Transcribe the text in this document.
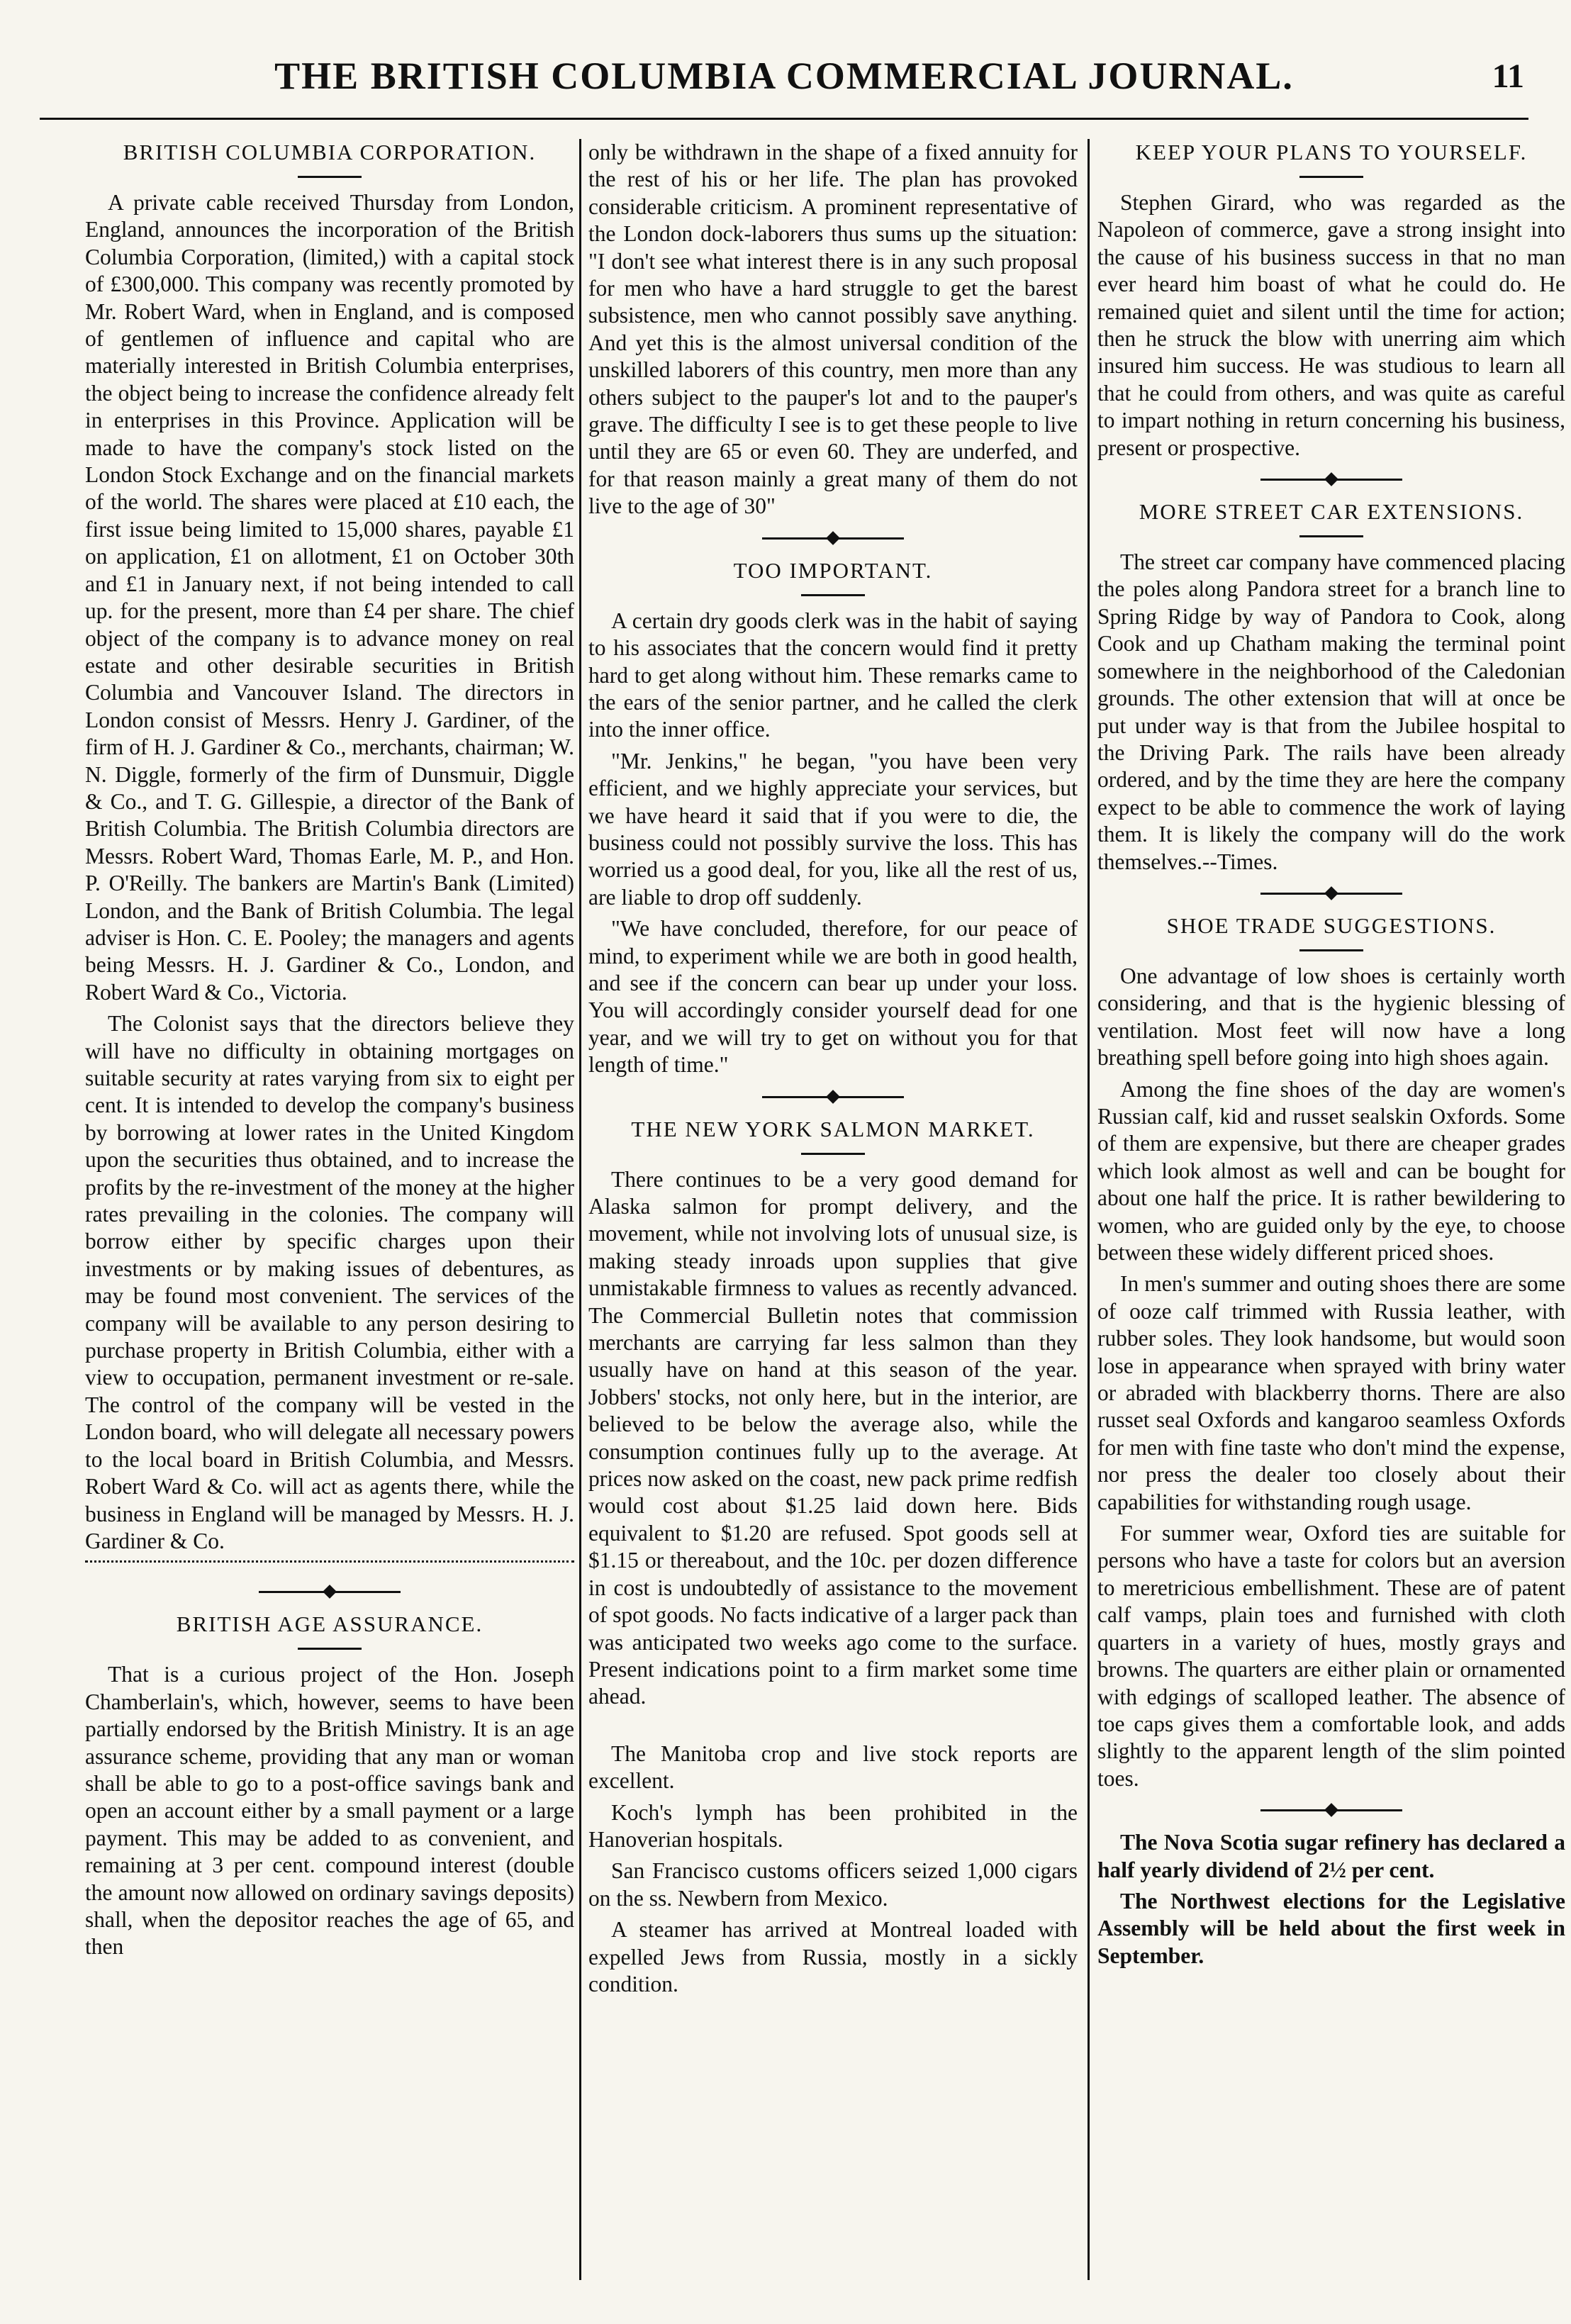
THE BRITISH COLUMBIA COMMERCIAL JOURNAL.	11
BRITISH COLUMBIA CORPORATION.

A private cable received Thursday from London, England, announces the incorporation of the British Columbia Corporation, (limited,) with a capital stock of £300,000. This company was recently promoted by Mr. Robert Ward, when in England, and is composed of gentlemen of influence and capital who are materially interested in British Columbia enterprises, the object being to increase the confidence already felt in enterprises in this Province. Application will be made to have the company's stock listed on the London Stock Exchange and on the financial markets of the world. The shares were placed at £10 each, the first issue being limited to 15,000 shares, payable £1 on application, £1 on allotment, £1 on October 30th and £1 in January next, if not being intended to call up. for the present, more than £4 per share. The chief object of the company is to advance money on real estate and other desirable securities in British Columbia and Vancouver Island. The directors in London consist of Messrs. Henry J. Gardiner, of the firm of H. J. Gardiner & Co., merchants, chairman; W. N. Diggle, formerly of the firm of Dunsmuir, Diggle & Co., and T. G. Gillespie, a director of the Bank of British Columbia. The British Columbia directors are Messrs. Robert Ward, Thomas Earle, M. P., and Hon. P. O'Reilly. The bankers are Martin's Bank (Limited) London, and the Bank of British Columbia. The legal adviser is Hon. C. E. Pooley; the managers and agents being Messrs. H. J. Gardiner & Co., London, and Robert Ward & Co., Victoria.

The Colonist says that the directors believe they will have no difficulty in obtaining mortgages on suitable security at rates varying from six to eight per cent. It is intended to develop the company's business by borrowing at lower rates in the United Kingdom upon the securities thus obtained, and to increase the profits by the re-investment of the money at the higher rates prevailing in the colonies. The company will borrow either by specific charges upon their investments or by making issues of debentures, as may be found most convenient. The services of the company will be available to any person desiring to purchase property in British Columbia, either with a view to occupation, permanent investment or re-sale. The control of the company will be vested in the London board, who will delegate all necessary powers to the local board in British Columbia, and Messrs. Robert Ward & Co. will act as agents there, while the business in England will be managed by Messrs. H. J. Gardiner & Co.

BRITISH AGE ASSURANCE.

That is a curious project of the Hon. Joseph Chamberlain's, which, however, seems to have been partially endorsed by the British Ministry. It is an age assurance scheme, providing that any man or woman shall be able to go to a post-office savings bank and open an account either by a small payment or a large payment. This may be added to as convenient, and remaining at 3 per cent. compound interest (double the amount now allowed on ordinary savings deposits) shall, when the depositor reaches the age of 65, and then

only be withdrawn in the shape of a fixed annuity for the rest of his or her life. The plan has provoked considerable criticism. A prominent representative of the London dock-laborers thus sums up the situation: "I don't see what interest there is in any such proposal for men who have a hard struggle to get the barest subsistence, men who cannot possibly save anything. And yet this is the almost universal condition of the unskilled laborers of this country, men more than any others subject to the pauper's lot and to the pauper's grave. The difficulty I see is to get these people to live until they are 65 or even 60. They are underfed, and for that reason mainly a great many of them do not live to the age of 30"

TOO IMPORTANT.

A certain dry goods clerk was in the habit of saying to his associates that the concern would find it pretty hard to get along without him. These remarks came to the ears of the senior partner, and he called the clerk into the inner office.

"Mr. Jenkins," he began, "you have been very efficient, and we highly appreciate your services, but we have heard it said that if you were to die, the business could not possibly survive the loss. This has worried us a good deal, for you, like all the rest of us, are liable to drop off suddenly.

"We have concluded, therefore, for our peace of mind, to experiment while we are both in good health, and see if the concern can bear up under your loss. You will accordingly consider yourself dead for one year, and we will try to get on without you for that length of time."

THE NEW YORK SALMON MARKET.

There continues to be a very good demand for Alaska salmon for prompt delivery, and the movement, while not involving lots of unusual size, is making steady inroads upon supplies that give unmistakable firmness to values as recently advanced. The Commercial Bulletin notes that commission merchants are carrying far less salmon than they usually have on hand at this season of the year. Jobbers' stocks, not only here, but in the interior, are believed to be below the average also, while the consumption continues fully up to the average. At prices now asked on the coast, new pack prime redfish would cost about $1.25 laid down here. Bids equivalent to $1.20 are refused. Spot goods sell at $1.15 or thereabout, and the 10c. per dozen difference in cost is undoubtedly of assistance to the movement of spot goods. No facts indicative of a larger pack than was anticipated two weeks ago come to the surface. Present indications point to a firm market some time ahead.

The Manitoba crop and live stock reports are excellent.

Koch's lymph has been prohibited in the Hanoverian hospitals.

San Francisco customs officers seized 1,000 cigars on the ss. Newbern from Mexico.

A steamer has arrived at Montreal loaded with expelled Jews from Russia, mostly in a sickly condition.

KEEP YOUR PLANS TO YOURSELF.

Stephen Girard, who was regarded as the Napoleon of commerce, gave a strong insight into the cause of his business success in that no man ever heard him boast of what he could do. He remained quiet and silent until the time for action; then he struck the blow with unerring aim which insured him success. He was studious to learn all that he could from others, and was quite as careful to impart nothing in return concerning his business, present or prospective.

MORE STREET CAR EXTENSIONS.

The street car company have commenced placing the poles along Pandora street for a branch line to Spring Ridge by way of Pandora to Cook, along Cook and up Chatham making the terminal point somewhere in the neighborhood of the Caledonian grounds. The other extension that will at once be put under way is that from the Jubilee hospital to the Driving Park. The rails have been already ordered, and by the time they are here the company expect to be able to commence the work of laying them. It is likely the company will do the work themselves.--Times.

SHOE TRADE SUGGESTIONS.

One advantage of low shoes is certainly worth considering, and that is the hygienic blessing of ventilation. Most feet will now have a long breathing spell before going into high shoes again.

Among the fine shoes of the day are women's Russian calf, kid and russet sealskin Oxfords. Some of them are expensive, but there are cheaper grades which look almost as well and can be bought for about one half the price. It is rather bewildering to women, who are guided only by the eye, to choose between these widely different priced shoes.

In men's summer and outing shoes there are some of ooze calf trimmed with Russia leather, with rubber soles. They look handsome, but would soon lose in appearance when sprayed with briny water or abraded with blackberry thorns. There are also russet seal Oxfords and kangaroo seamless Oxfords for men with fine taste who don't mind the expense, nor press the dealer too closely about their capabilities for withstanding rough usage.

For summer wear, Oxford ties are suitable for persons who have a taste for colors but an aversion to meretricious embellishment. These are of patent calf vamps, plain toes and furnished with cloth quarters in a variety of hues, mostly grays and browns. The quarters are either plain or ornamented with edgings of scalloped leather. The absence of toe caps gives them a comfortable look, and adds slightly to the apparent length of the slim pointed toes.

The Nova Scotia sugar refinery has declared a half yearly dividend of 2½ per cent.

The Northwest elections for the Legislative Assembly will be held about the first week in September.
